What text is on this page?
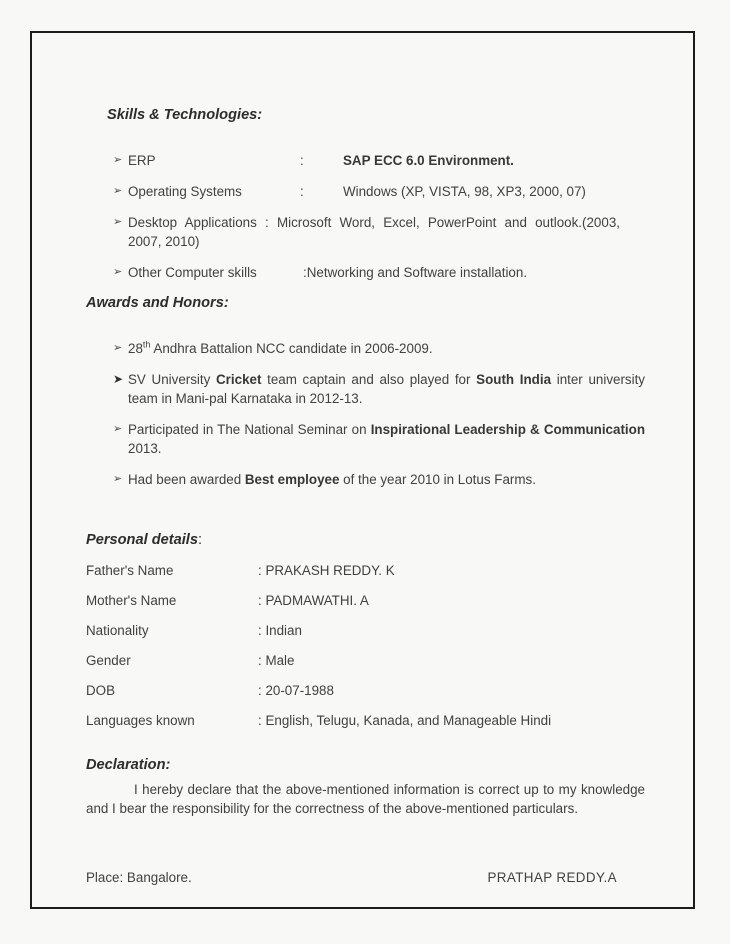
Skills & Technologies:
➢ ERP	:	SAP ECC 6.0 Environment.
➢ Operating Systems	:	Windows (XP, VISTA, 98, XP3, 2000, 07)
➢ Desktop Applications : Microsoft Word, Excel, PowerPoint and outlook.(2003, 2007, 2010)
➢ Other Computer skills	: Networking and Software installation.
Awards and Honors:
➢ 28th Andhra Battalion NCC candidate in 2006-2009.
➤ SV University Cricket team captain and also played for South India inter university team in Mani-pal Karnataka in 2012-13.
➢ Participated in The National Seminar on Inspirational Leadership & Communication 2013.
➢ Had been awarded Best employee of the year 2010 in Lotus Farms.
Personal details:
Father's Name	: PRAKASH REDDY. K
Mother's Name	: PADMAWATHI. A
Nationality	: Indian
Gender	: Male
DOB	: 20-07-1988
Languages known	: English, Telugu, Kanada, and Manageable Hindi
Declaration:

I hereby declare that the above-mentioned information is correct up to my knowledge and I bear the responsibility for the correctness of the above-mentioned particulars.

Place: Bangalore.	PRATHAP REDDY.A
